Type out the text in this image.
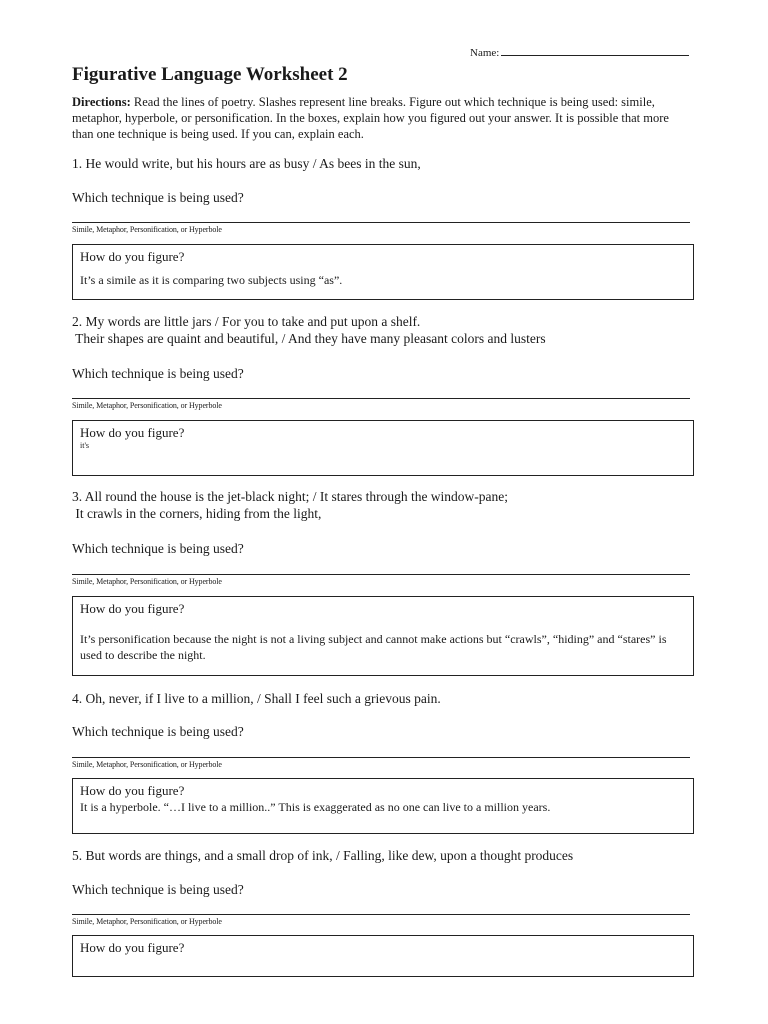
Name:
Figurative Language Worksheet 2
Directions: Read the lines of poetry. Slashes represent line breaks. Figure out which technique is being used: simile, metaphor, hyperbole, or personification. In the boxes, explain how you figured out your answer. It is possible that more than one technique is being used. If you can, explain each.
1. He would write, but his hours are as busy / As bees in the sun,
Which technique is being used?
Simile, Metaphor, Personification, or Hyperbole
How do you figure?
It’s a simile as it is comparing two subjects using “as”.
2. My words are little jars / For you to take and put upon a shelf.
Their shapes are quaint and beautiful, / And they have many pleasant colors and lusters
Which technique is being used?
Simile, Metaphor, Personification, or Hyperbole
How do you figure?
it's
3. All round the house is the jet-black night; / It stares through the window-pane;
It crawls in the corners, hiding from the light,
Which technique is being used?
Simile, Metaphor, Personification, or Hyperbole
How do you figure?
It’s personification because the night is not a living subject and cannot make actions but “crawls”, “hiding” and “stares” is used to describe the night.
4. Oh, never, if I live to a million, / Shall I feel such a grievous pain.
Which technique is being used?
Simile, Metaphor, Personification, or Hyperbole
How do you figure?
It is a hyperbole. “…I live to a million..” This is exaggerated as no one can live to a million years.
5. But words are things, and a small drop of ink, / Falling, like dew, upon a thought produces
Which technique is being used?
Simile, Metaphor, Personification, or Hyperbole
How do you figure?
